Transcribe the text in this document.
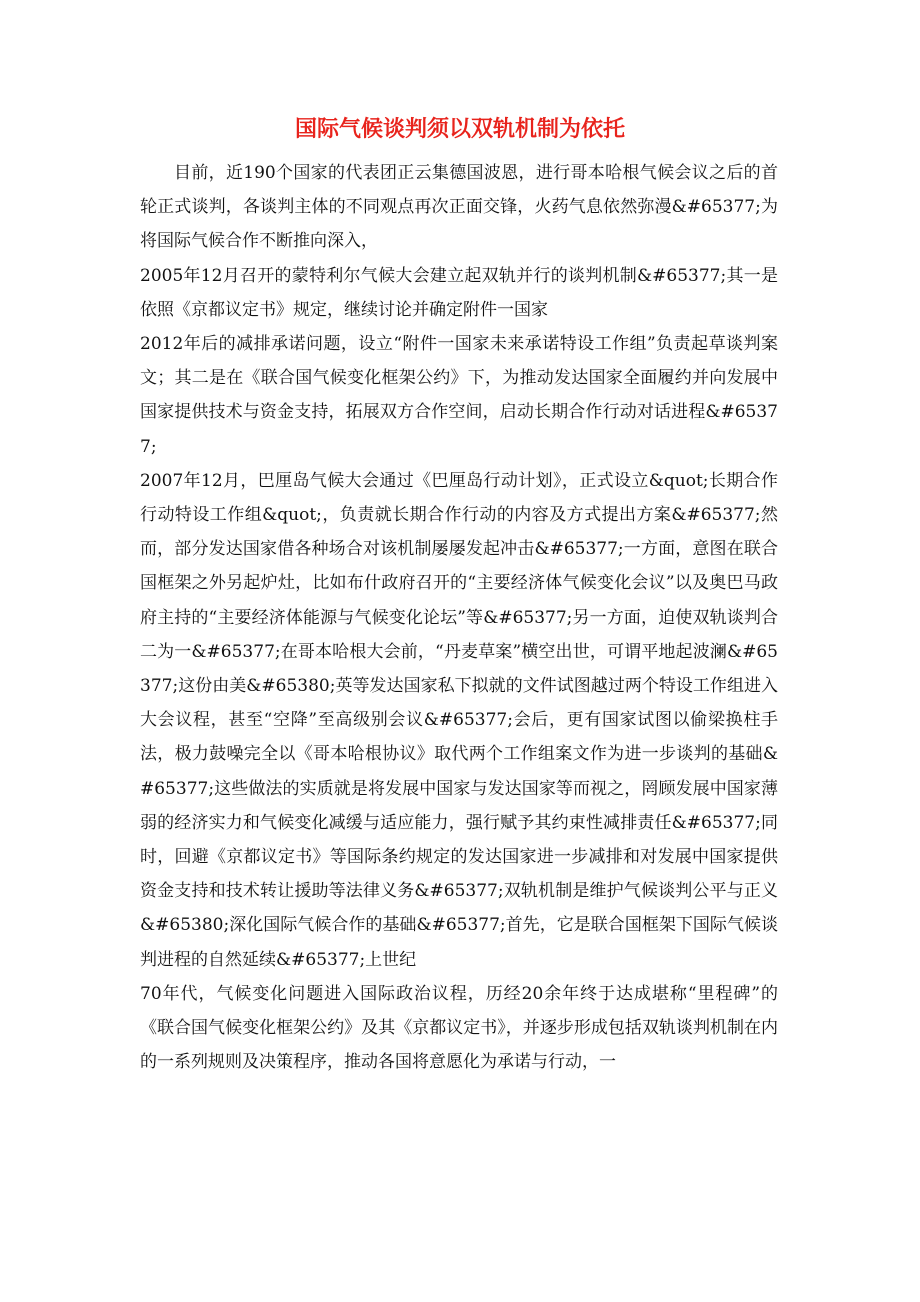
国际气候谈判须以双轨机制为依托

目前，近190个国家的代表团正云集德国波恩，进行哥本哈根气候会议之后的首轮正式谈判，各谈判主体的不同观点再次正面交锋，火药气息依然弥漫&#65377;为将国际气候合作不断推向深入，

2005年12月召开的蒙特利尔气候大会建立起双轨并行的谈判机制&#65377;其一是依照《京都议定书》规定，继续讨论并确定附件一国家

2012年后的减排承诺问题，设立“附件一国家未来承诺特设工作组”负责起草谈判案文；其二是在《联合国气候变化框架公约》下，为推动发达国家全面履约并向发展中国家提供技术与资金支持，拓展双方合作空间，启动长期合作行动对话进程&#65377;

2007年12月，巴厘岛气候大会通过《巴厘岛行动计划》，正式设立&quot;长期合作行动特设工作组&quot;，负责就长期合作行动的内容及方式提出方案&#65377;然而，部分发达国家借各种场合对该机制屡屡发起冲击&#65377;一方面，意图在联合国框架之外另起炉灶，比如布什政府召开的“主要经济体气候变化会议”以及奥巴马政府主持的“主要经济体能源与气候变化论坛”等&#65377;另一方面，迫使双轨谈判合二为一&#65377;在哥本哈根大会前，“丹麦草案”横空出世，可谓平地起波澜&#65377;这份由美&#65380;英等发达国家私下拟就的文件试图越过两个特设工作组进入大会议程，甚至“空降”至高级别会议&#65377;会后，更有国家试图以偷梁换柱手法，极力鼓噪完全以《哥本哈根协议》取代两个工作组案文作为进一步谈判的基础&#65377;这些做法的实质就是将发展中国家与发达国家等而视之，罔顾发展中国家薄弱的经济实力和气候变化减缓与适应能力，强行赋予其约束性减排责任&#65377;同时，回避《京都议定书》等国际条约规定的发达国家进一步减排和对发展中国家提供资金支持和技术转让援助等法律义务&#65377;双轨机制是维护气候谈判公平与正义&#65380;深化国际气候合作的基础&#65377;首先，它是联合国框架下国际气候谈判进程的自然延续&#65377;上世纪

70年代，气候变化问题进入国际政治议程，历经20余年终于达成堪称“里程碑”的《联合国气候变化框架公约》及其《京都议定书》，并逐步形成包括双轨谈判机制在内的一系列规则及决策程序，推动各国将意愿化为承诺与行动，一
